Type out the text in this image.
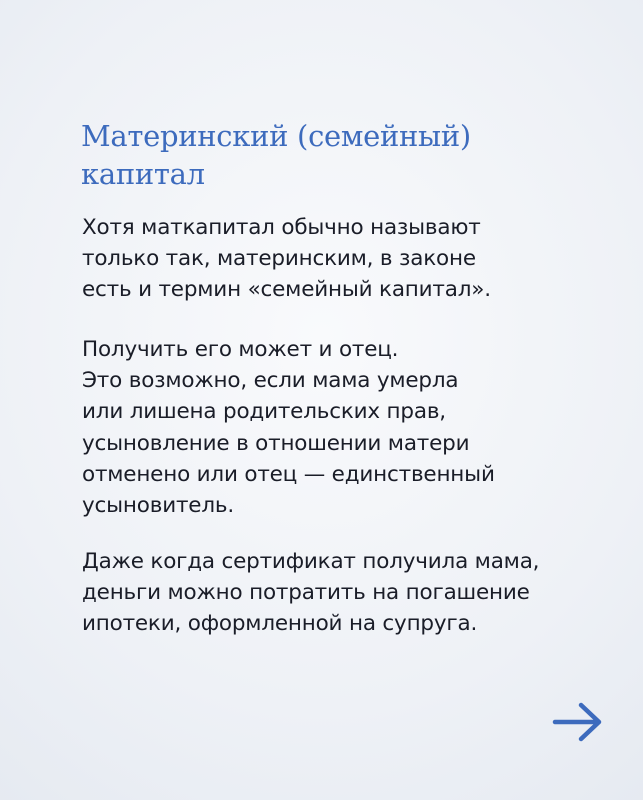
Материнский (семейный)
капитал

Хотя маткапитал обычно называют
только так, материнским, в законе
есть и термин «семейный капитал».

Получить его может и отец.
Это возможно, если мама умерла
или лишена родительских прав,
усыновление в отношении матери
отменено или отец — единственный
усыновитель.

Даже когда сертификат получила мама,
деньги можно потратить на погашение
ипотеки, оформленной на супруга.
